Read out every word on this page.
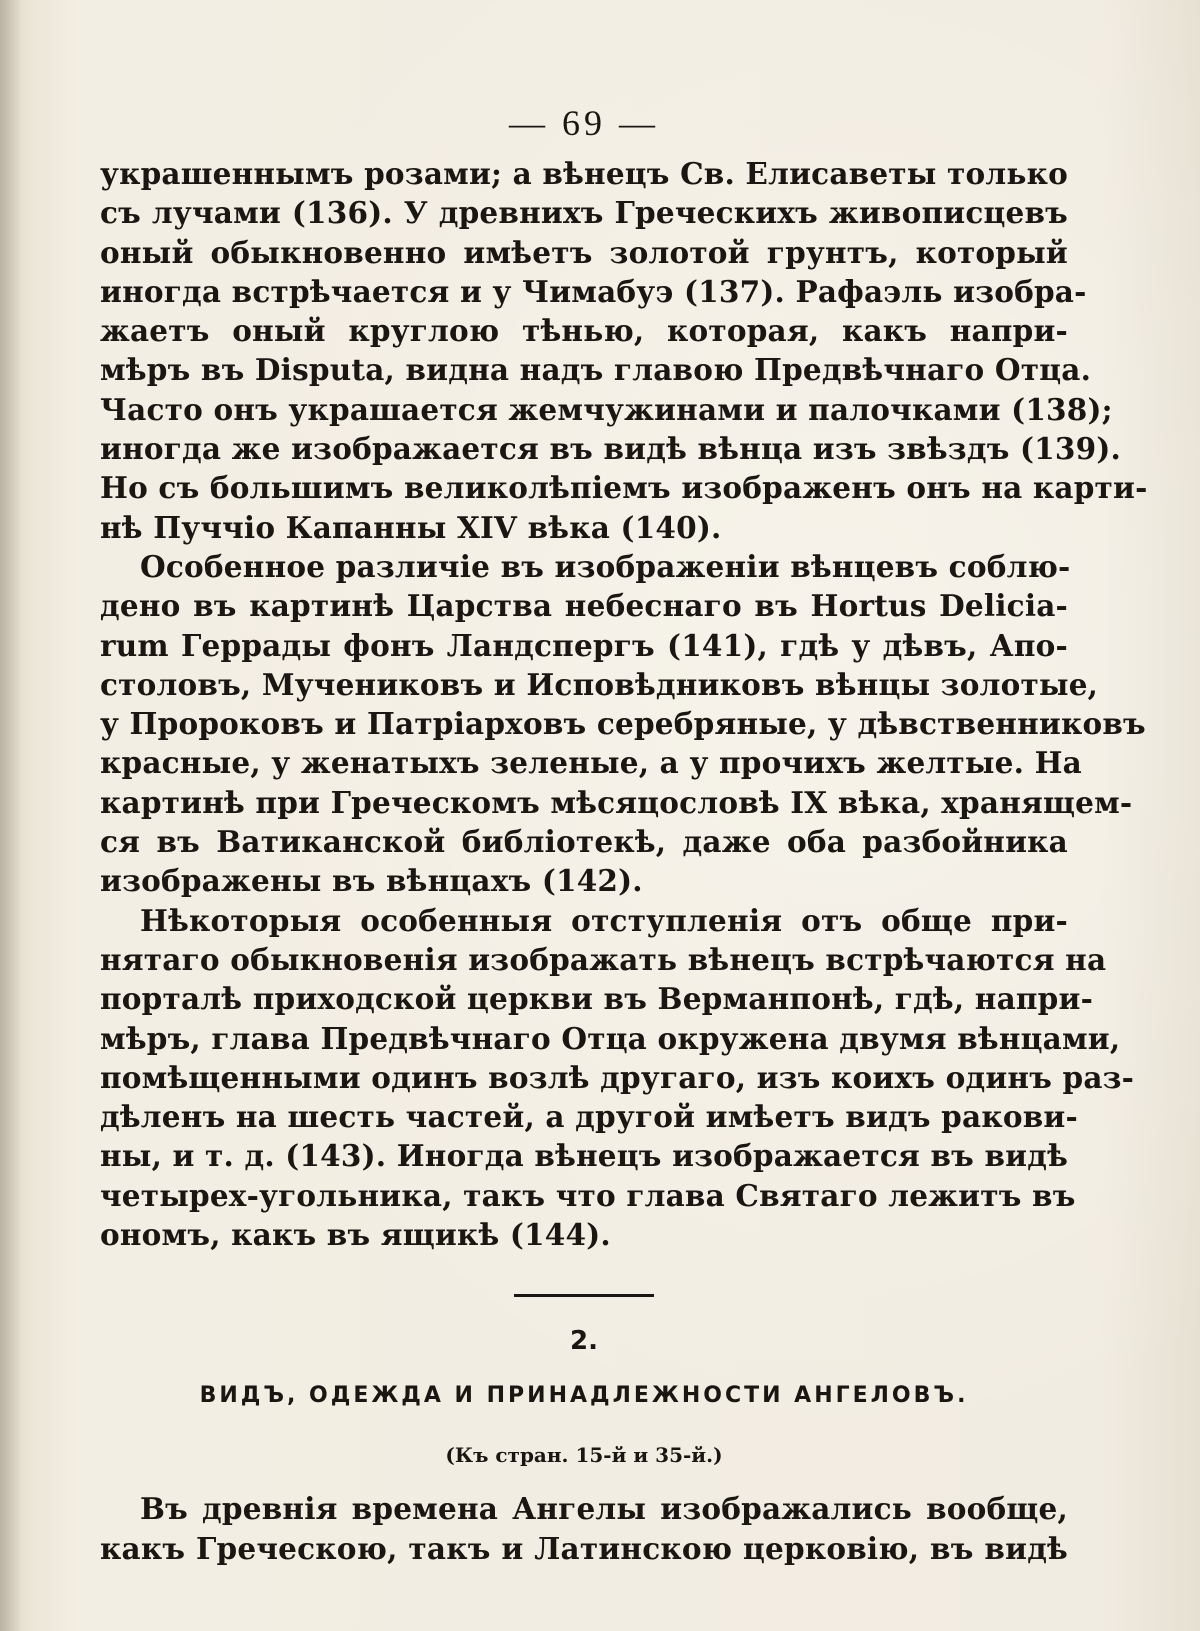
— 69 —
украшеннымъ розами; а вѣнецъ Св. Елисаветы только
съ лучами (136). У древнихъ Греческихъ живописцевъ
оный обыкновенно имѣетъ золотой грунтъ, который
иногда встрѣчается и у Чимабуэ (137). Рафаэль изобра-
жаетъ оный круглою тѣнью, которая, какъ напри-
мѣръ въ Disputa, видна надъ главою Предвѣчнаго Отца.
Часто онъ украшается жемчужинами и палочками (138);
иногда же изображается въ видѣ вѣнца изъ звѣздъ (139).
Но съ большимъ великолѣпіемъ изображенъ онъ на карти-
нѣ Пуччіо Капанны XIV вѣка (140).
Особенное различіе въ изображеніи вѣнцевъ соблю-
дено въ картинѣ Царства небеснаго въ Hortus Delicia-
rum Геррады фонъ Ландспергъ (141), гдѣ у дѣвъ, Апо-
столовъ, Мучениковъ и Исповѣдниковъ вѣнцы золотые,
у Пророковъ и Патріарховъ серебряные, у дѣвственниковъ
красные, у женатыхъ зеленые, а у прочихъ желтые. На
картинѣ при Греческомъ мѣсяцословѣ IX вѣка, хранящем-
ся въ Ватиканской библіотекѣ, даже оба разбойника
изображены въ вѣнцахъ (142).
Нѣкоторыя особенныя отступленія отъ обще при-
нятаго обыкновенія изображать вѣнецъ встрѣчаются на
порталѣ приходской церкви въ Верманпонѣ, гдѣ, напри-
мѣръ, глава Предвѣчнаго Отца окружена двумя вѣнцами,
помѣщенными одинъ возлѣ другаго, изъ коихъ одинъ раз-
дѣленъ на шесть частей, а другой имѣетъ видъ ракови-
ны, и т. д. (143). Иногда вѣнецъ изображается въ видѣ
четырех-угольника, такъ что глава Святаго лежитъ въ
ономъ, какъ въ ящикѣ (144).
2.
ВИДЪ, ОДЕЖДА И ПРИНАДЛЕЖНОСТИ АНГЕЛОВЪ.
(Къ стран. 15-й и 35-й.)
Въ древнія времена Ангелы изображались вообще,
какъ Греческою, такъ и Латинскою церковію, въ видѣ
